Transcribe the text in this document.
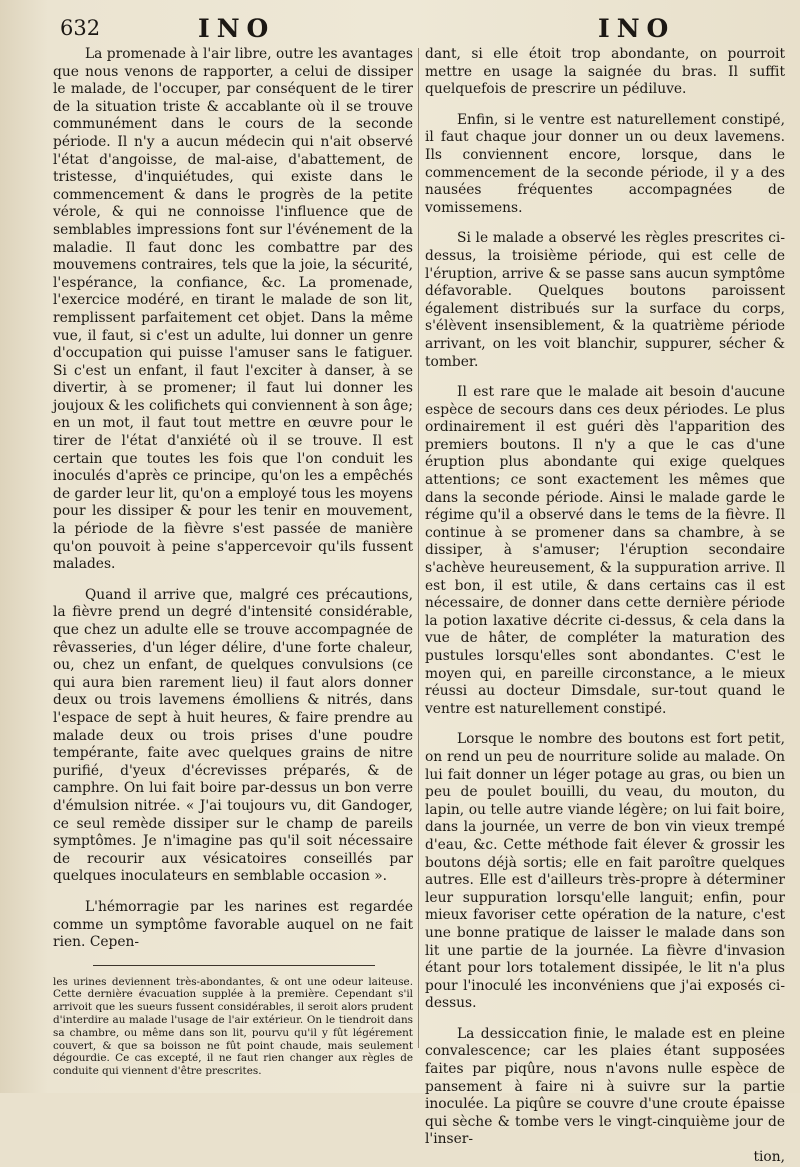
632	INO	INO

La promenade à l'air libre, outre les avantages que nous venons de rapporter, a celui de dissiper le malade, de l'occuper, par conséquent de le tirer de la situation triste & accablante où il se trouve communément dans le cours de la seconde période. Il n'y a aucun médecin qui n'ait observé l'état d'angoisse, de mal-aise, d'abattement, de tristesse, d'inquiétudes, qui existe dans le commencement & dans le progrès de la petite vérole, & qui ne connoisse l'influence que de semblables impressions font sur l'événement de la maladie. Il faut donc les combattre par des mouvemens contraires, tels que la joie, la sécurité, l'espérance, la confiance, &c. La promenade, l'exercice modéré, en tirant le malade de son lit, remplissent parfaitement cet objet. Dans la même vue, il faut, si c'est un adulte, lui donner un genre d'occupation qui puisse l'amuser sans le fatiguer. Si c'est un enfant, il faut l'exciter à danser, à se divertir, à se promener; il faut lui donner les joujoux & les colifichets qui conviennent à son âge; en un mot, il faut tout mettre en œuvre pour le tirer de l'état d'anxiété où il se trouve. Il est certain que toutes les fois que l'on conduit les inoculés d'après ce principe, qu'on les a empêchés de garder leur lit, qu'on a employé tous les moyens pour les dissiper & pour les tenir en mouvement, la période de la fièvre s'est passée de manière qu'on pouvoit à peine s'appercevoir qu'ils fussent malades.

Quand il arrive que, malgré ces précautions, la fièvre prend un degré d'intensité considérable, que chez un adulte elle se trouve accompagnée de rêvasseries, d'un léger délire, d'une forte chaleur, ou, chez un enfant, de quelques convulsions (ce qui aura bien rarement lieu) il faut alors donner deux ou trois lavemens émolliens & nitrés, dans l'espace de sept à huit heures, & faire prendre au malade deux ou trois prises d'une poudre tempérante, faite avec quelques grains de nitre purifié, d'yeux d'écrevisses préparés, & de camphre. On lui fait boire par-dessus un bon verre d'émulsion nitrée. « J'ai toujours vu, dit Gandoger, ce seul remède dissiper sur le champ de pareils symptômes. Je n'imagine pas qu'il soit nécessaire de recourir aux vésicatoires conseillés par quelques inoculateurs en semblable occasion ».

L'hémorragie par les narines est regardée comme un symptôme favorable auquel on ne fait rien. Cepen-

les urines deviennent très-abondantes, & ont une odeur laiteuse. Cette dernière évacuation supplée à la première. Cependant s'il arrivoit que les sueurs fussent considérables, il seroit alors prudent d'interdire au malade l'usage de l'air extérieur. On le tiendroit dans sa chambre, ou même dans son lit, pourvu qu'il y fût légérement couvert, & que sa boisson ne fût point chaude, mais seulement dégourdie. Ce cas excepté, il ne faut rien changer aux règles de conduite qui viennent d'être prescrites.

dant, si elle étoit trop abondante, on pourroit mettre en usage la saignée du bras. Il suffit quelquefois de prescrire un pédiluve.

Enfin, si le ventre est naturellement constipé, il faut chaque jour donner un ou deux lavemens. Ils conviennent encore, lorsque, dans le commencement de la seconde période, il y a des nausées fréquentes accompagnées de vomissemens.

Si le malade a observé les règles prescrites ci-dessus, la troisième période, qui est celle de l'éruption, arrive & se passe sans aucun symptôme défavorable. Quelques boutons paroissent également distribués sur la surface du corps, s'élèvent insensiblement, & la quatrième période arrivant, on les voit blanchir, suppurer, sécher & tomber.

Il est rare que le malade ait besoin d'aucune espèce de secours dans ces deux périodes. Le plus ordinairement il est guéri dès l'apparition des premiers boutons. Il n'y a que le cas d'une éruption plus abondante qui exige quelques attentions; ce sont exactement les mêmes que dans la seconde période. Ainsi le malade garde le régime qu'il a observé dans le tems de la fièvre. Il continue à se promener dans sa chambre, à se dissiper, à s'amuser; l'éruption secondaire s'achève heureusement, & la suppuration arrive. Il est bon, il est utile, & dans certains cas il est nécessaire, de donner dans cette dernière période la potion laxative décrite ci-dessus, & cela dans la vue de hâter, de compléter la maturation des pustules lorsqu'elles sont abondantes. C'est le moyen qui, en pareille circonstance, a le mieux réussi au docteur Dimsdale, sur-tout quand le ventre est naturellement constipé.

Lorsque le nombre des boutons est fort petit, on rend un peu de nourriture solide au malade. On lui fait donner un léger potage au gras, ou bien un peu de poulet bouilli, du veau, du mouton, du lapin, ou telle autre viande légère; on lui fait boire, dans la journée, un verre de bon vin vieux trempé d'eau, &c. Cette méthode fait élever & grossir les boutons déjà sortis; elle en fait paroître quelques autres. Elle est d'ailleurs très-propre à déterminer leur suppuration lorsqu'elle languit; enfin, pour mieux favoriser cette opération de la nature, c'est une bonne pratique de laisser le malade dans son lit une partie de la journée. La fièvre d'invasion étant pour lors totalement dissipée, le lit n'a plus pour l'inoculé les inconvéniens que j'ai exposés ci-dessus.

La dessiccation finie, le malade est en pleine convalescence; car les plaies étant supposées faites par piqûre, nous n'avons nulle espèce de pansement à faire ni à suivre sur la partie inoculée. La piqûre se couvre d'une croute épaisse qui sèche & tombe vers le vingt-cinquième jour de l'inser-

tion,
